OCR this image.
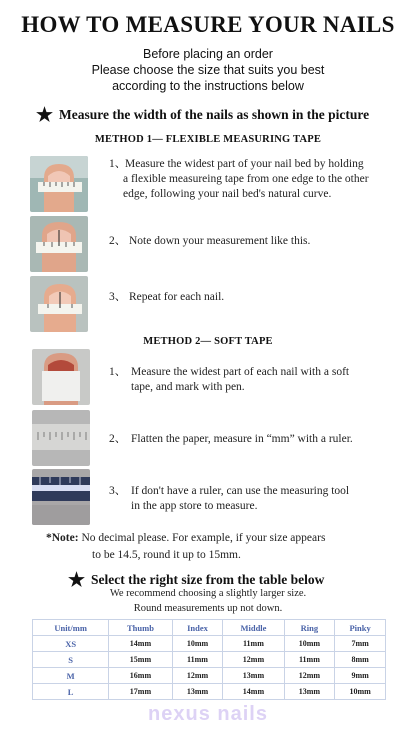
HOW TO MEASURE YOUR NAILS
Before placing an order
Please choose the size that suits you best
according to the instructions below
★ Measure the width of the nails as shown in the picture
METHOD 1— FLEXIBLE MEASURING TAPE
1、
Measure the widest part of your nail bed by holding
a flexible measureing tape from one edge to the other
edge, following your nail bed's natural curve.
2、 Note down your measurement like this.
3、 Repeat for each nail.
METHOD 2— SOFT TAPE
1、 Measure the widest part of each nail with a soft
tape, and mark with pen.
2、 Flatten the paper, measure in “mm” with a ruler.
3、 If don't have a ruler, can use the measuring tool
in the app store to measure.
*Note: No decimal please. For example, if your size appears
to be 14.5, round it up to 15mm.
★ Select the right size from the table below
We recommend choosing a slightly larger size.
Round measurements up not down.
Unit/mm	Thumb	Index	Middle	Ring	Pinky
XS	14mm	10mm	11mm	10mm	7mm
S	15mm	11mm	12mm	11mm	8mm
M	16mm	12mm	13mm	12mm	9mm
L	17mm	13mm	14mm	13mm	10mm
nexus nails
